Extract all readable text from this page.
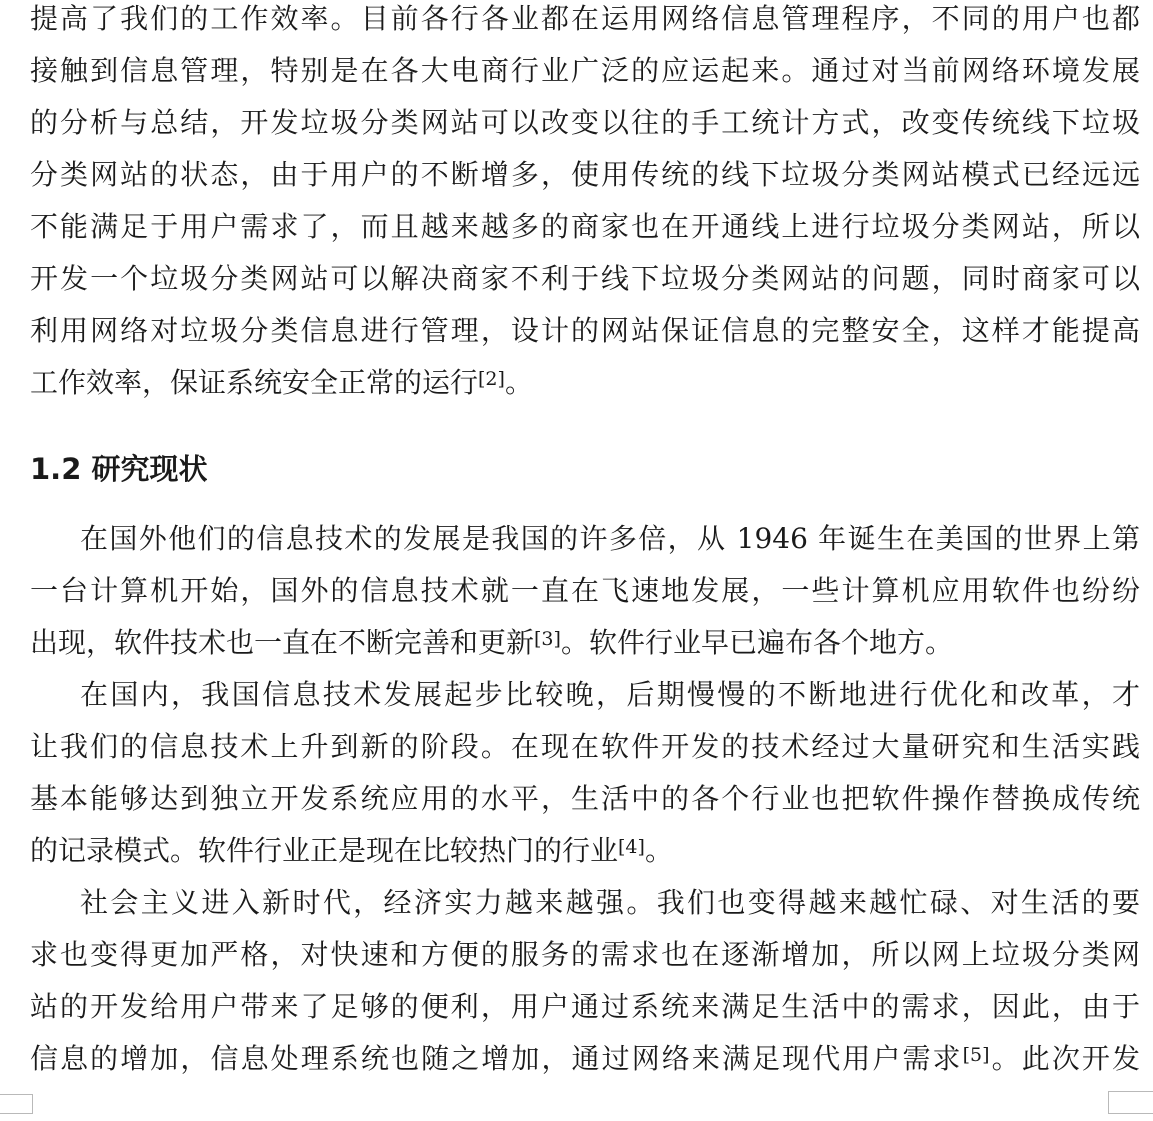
提高了我们的工作效率。目前各行各业都在运用网络信息管理程序，不同的用户也都
接触到信息管理，特别是在各大电商行业广泛的应运起来。通过对当前网络环境发展
的分析与总结，开发垃圾分类网站可以改变以往的手工统计方式，改变传统线下垃圾
分类网站的状态，由于用户的不断增多，使用传统的线下垃圾分类网站模式已经远远
不能满足于用户需求了，而且越来越多的商家也在开通线上进行垃圾分类网站，所以
开发一个垃圾分类网站可以解决商家不利于线下垃圾分类网站的问题，同时商家可以
利用网络对垃圾分类信息进行管理，设计的网站保证信息的完整安全，这样才能提高
工作效率，保证系统安全正常的运行[2]。
1.2 研究现状
在国外他们的信息技术的发展是我国的许多倍，从 1946 年诞生在美国的世界上第
一台计算机开始，国外的信息技术就一直在飞速地发展，一些计算机应用软件也纷纷
出现，软件技术也一直在不断完善和更新[3]。软件行业早已遍布各个地方。
在国内，我国信息技术发展起步比较晚，后期慢慢的不断地进行优化和改革，才
让我们的信息技术上升到新的阶段。在现在软件开发的技术经过大量研究和生活实践
基本能够达到独立开发系统应用的水平，生活中的各个行业也把软件操作替换成传统
的记录模式。软件行业正是现在比较热门的行业[4]。
社会主义进入新时代，经济实力越来越强。我们也变得越来越忙碌、对生活的要
求也变得更加严格，对快速和方便的服务的需求也在逐渐增加，所以网上垃圾分类网
站的开发给用户带来了足够的便利，用户通过系统来满足生活中的需求，因此，由于
信息的增加，信息处理系统也随之增加，通过网络来满足现代用户需求[5]。此次开发
